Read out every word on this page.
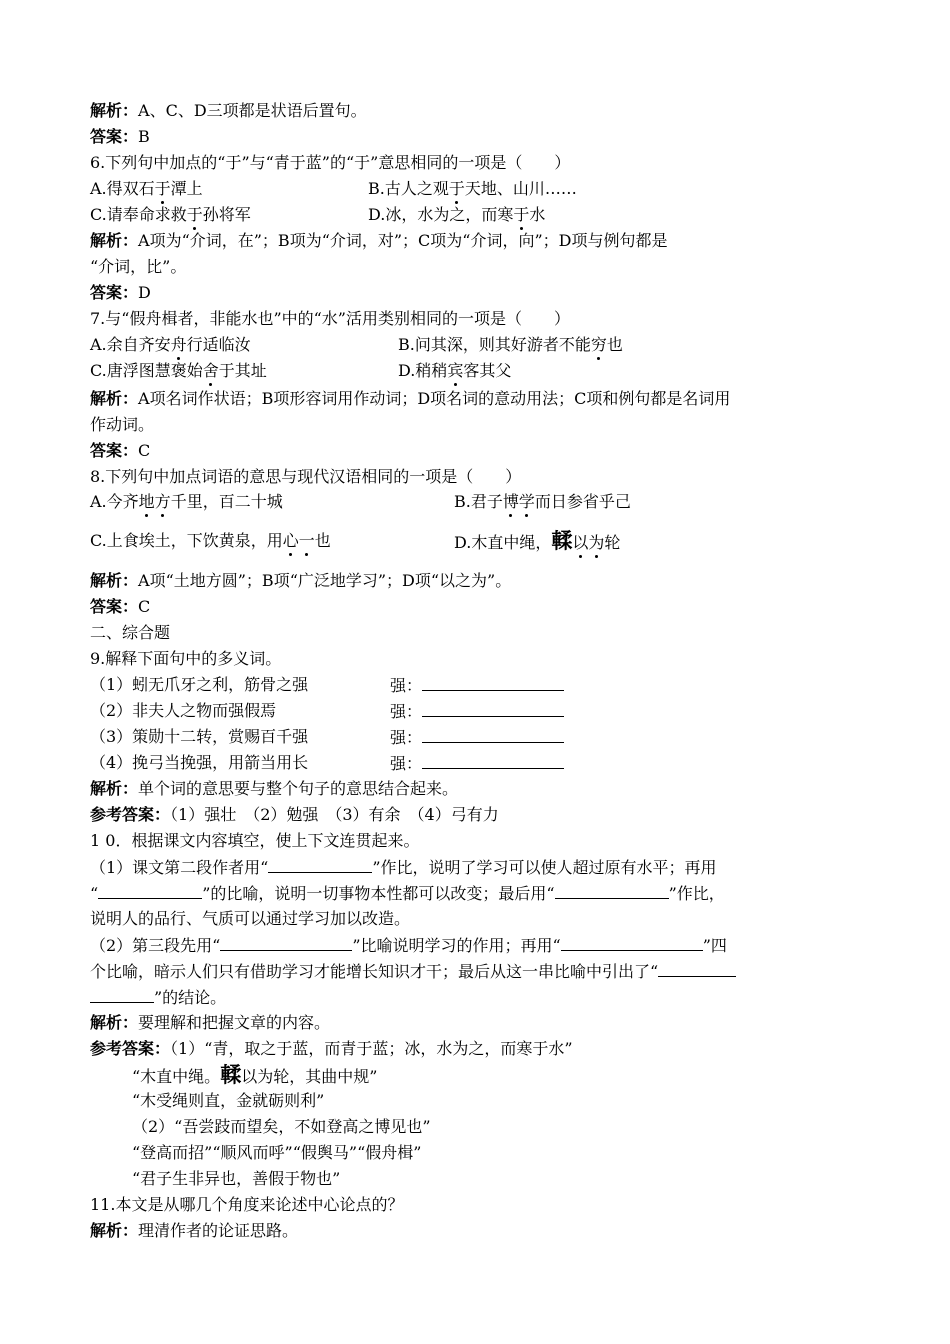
解析：A、C、D三项都是状语后置句。
答案：B
6.下列句中加点的“于”与“青于蓝”的“于”意思相同的一项是（　　）
A.得双石于潭上	B.古人之观于天地、山川……
C.请奉命求救于孙将军	D.冰，水为之，而寒于水
解析：A项为“介词，在”；B项为“介词，对”；C项为“介词，向”；D项与例句都是
“介词，比”。
答案：D
7.与“假舟楫者，非能水也”中的“水”活用类别相同的一项是（　　）
A.余自齐安舟行适临汝	B.问其深，则其好游者不能穷也
C.唐浮图慧褒始舍于其址	D.稍稍宾客其父
解析：A项名词作状语；B项形容词用作动词；D项名词的意动用法；C项和例句都是名词用
作动词。
答案：C
8.下列句中加点词语的意思与现代汉语相同的一项是（　　）
A.今齐地方千里，百二十城	B.君子博学而日参省乎己
C.上食埃土，下饮黄泉，用心一也	D.木直中绳，輮以为轮
解析：A项“土地方圆”；B项“广泛地学习”；D项“以之为”。
答案：C
二、综合题
9.解释下面句中的多义词。
（1）蚓无爪牙之利，筋骨之强	强：
（2）非夫人之物而强假焉	强：
（3）策勋十二转，赏赐百千强	强：
（4）挽弓当挽强，用箭当用长	强：
解析：单个词的意思要与整个句子的意思结合起来。
参考答案：（1）强壮　（2）勉强　（3）有余　（4）弓有力
1 0．根据课文内容填空，使上下文连贯起来。
（1）课文第二段作者用“	”作比，说明了学习可以使人超过原有水平；再用
“	”的比喻，说明一切事物本性都可以改变；最后用“	”作比，
说明人的品行、气质可以通过学习加以改造。
（2）第三段先用“	”比喻说明学习的作用；再用“	”四
个比喻，暗示人们只有借助学习才能增长知识才干；最后从这一串比喻中引出了“
”的结论。
解析：要理解和把握文章的内容。
参考答案：（1）“青，取之于蓝，而青于蓝；冰，水为之，而寒于水”
“木直中绳。輮以为轮，其曲中规”
“木受绳则直，金就砺则利”
（2）“吾尝跂而望矣，不如登高之博见也”
“登高而招”“顺风而呼”“假舆马”“假舟楫”
“君子生非异也，善假于物也”
11.本文是从哪几个角度来论述中心论点的？
解析：理清作者的论证思路。
